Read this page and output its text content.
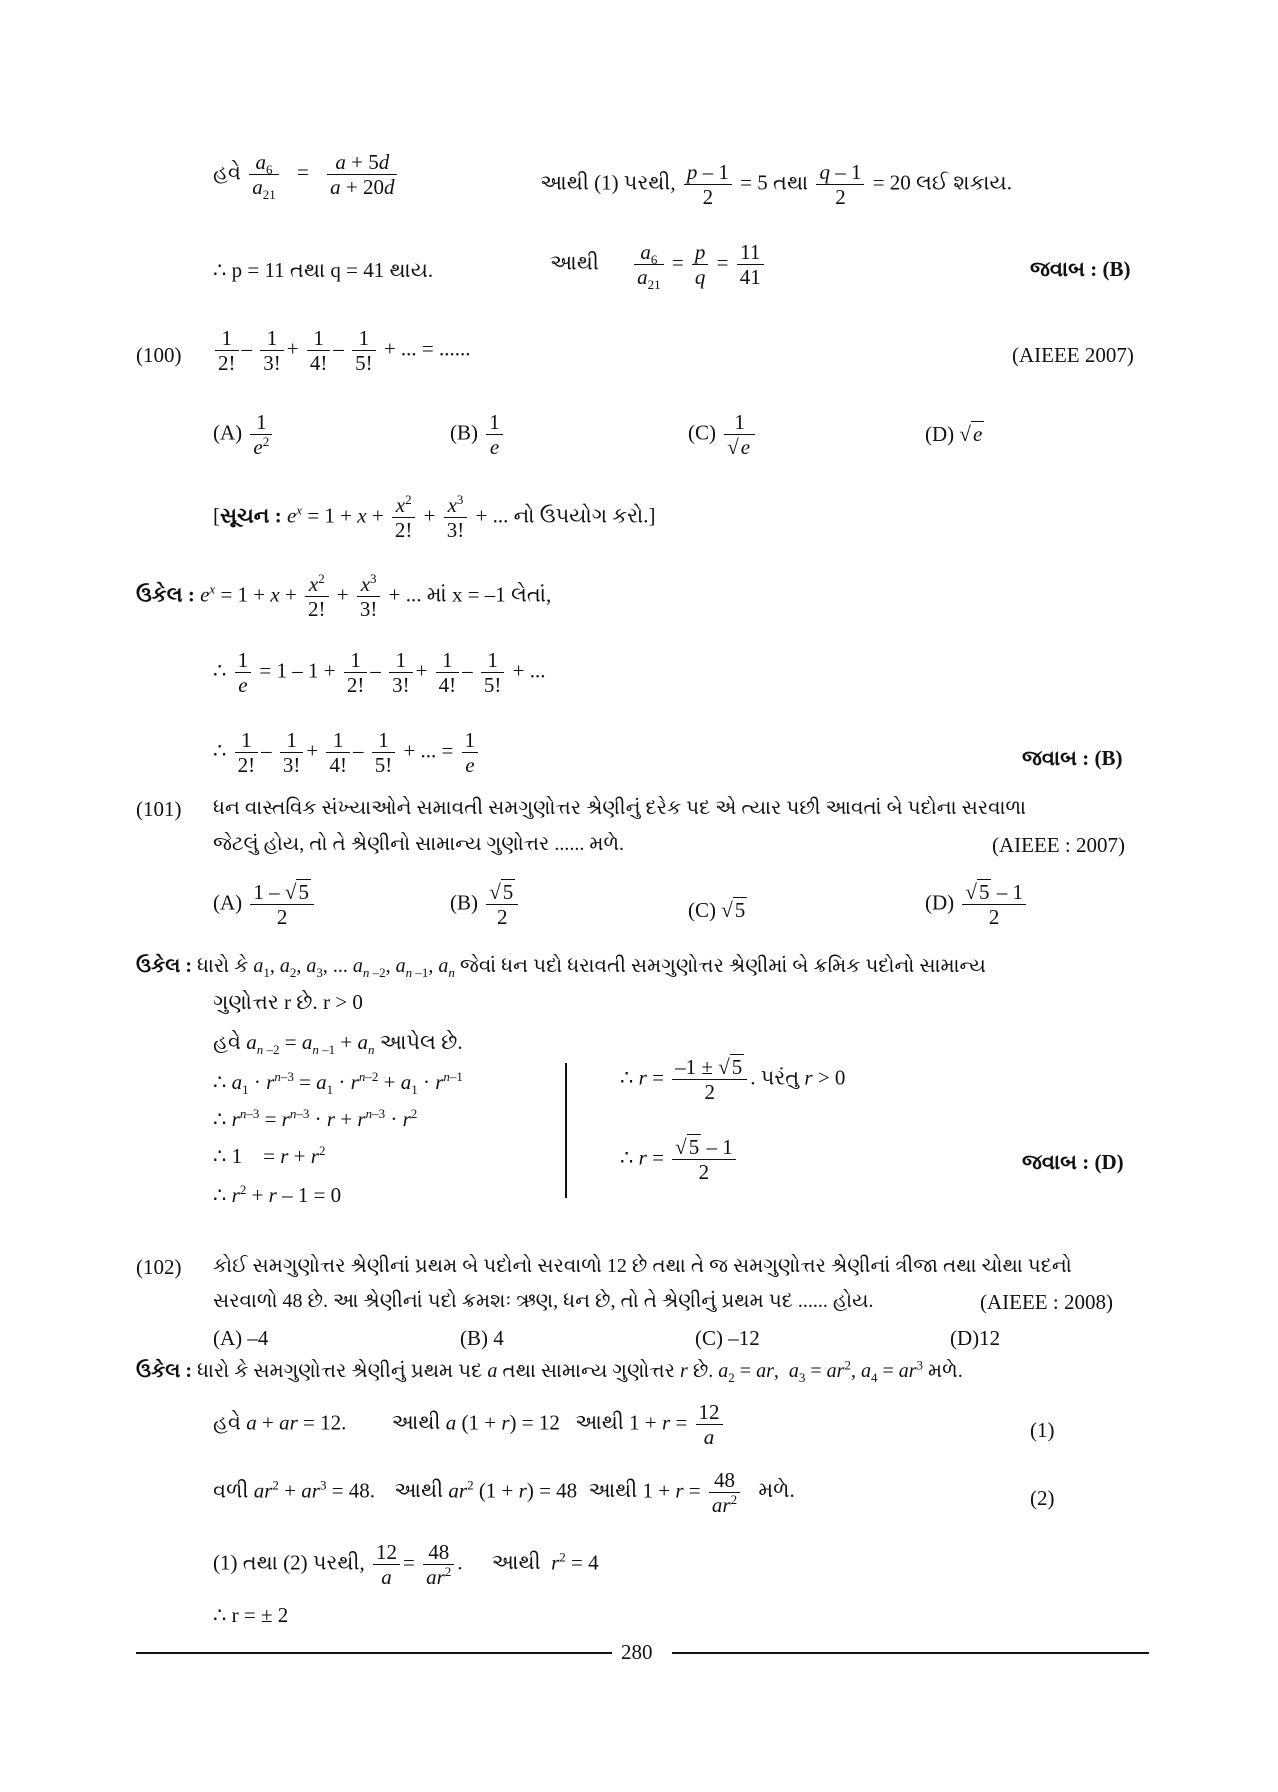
હવે $\frac{a_6}{a_{21}} = \frac{a + 5d}{a + 20d}$	આથી (1) પરથી, $\frac{p - 1}{2} = 5$ તથા $\frac{q - 1}{2} = 20$ લઈ શકાય.
∴ p = 11 તથા q = 41 થાય.	આથી $\frac{a_6}{a_{21}} = \frac{p}{q} = \frac{11}{41}$	જવાબ : (B)
$(100) \frac{1}{2!} - \frac{1}{3!} + \frac{1}{4!} - \frac{1}{5!}$ + ... = ......	(AIEEE 2007)
$(A) \frac{1}{e^2}$	$(B) \frac{1}{e}$	$(C) \frac{1}{√e}$	(D) √e
[સૂચન : $e^x = 1 + x + \frac{x^2}{2!} + \frac{x^3}{3!}$ + ... નો ઉપયોગ કરો.]
ઉકેલ : $e^x = 1 + x + \frac{x^2}{2!} + \frac{x^3}{3!}$ + ... માં x = –1 લેતાં,
∴ $\frac{1}{e} = 1 - 1 + \frac{1}{2!} - \frac{1}{3!} + \frac{1}{4!} - \frac{1}{5!}$ + ...
∴ $\frac{1}{2!} - \frac{1}{3!} + \frac{1}{4!} - \frac{1}{5!}$ + ... = $\frac{1}{e}$	જવાબ : (B)
(101) ધન વાસ્તવિક સંખ્યાઓને સમાવતી સમગુણોત્તર શ્રેણીનું દરેક પદ એ ત્યાર પછી આવતાં બે પદોના સરવાળા
જેટલું હોય, તો તે શ્રેણીનો સામાન્ય ગુણોત્તર ...... મળે.	(AIEEE : 2007)
$(A) \frac{1 - √5}{2}$	$(B) \frac{√5}{2}$	(C) √5	$(D) \frac{√5 - 1}{2}$
ઉકેલ : ધારો કે $a_1$, $a_2$, $a_3$, ... $a_{n -2}$, $a_{n -1}$, $a_n$ જેવાં ધન પદો ધરાવતી સમગુણોત્તર શ્રેણીમાં બે ક્રમિક પદોનો સામાન્ય
ગુણોત્તર r છે. r > 0
હવે $a_{n -2} = a_{n -1} + a_n$ આપેલ છે.
∴ $a_1 \cdot r^{n-3} = a_1 \cdot r^{n-2} + a_1 \cdot r^{n-1}$
∴ $r^{n-3} = r^{n-3} \cdot r + r^{n-3} \cdot r^2$
∴ 1    = $r + r^2$
∴ $r^2 + r - 1 = 0$
∴ $r = \frac{-1 \pm √5}{2}$ . પરંતુ r > 0
∴ $r = \frac{√5 - 1}{2}$	જવાબ : (D)
(102) કોઈ સમગુણોત્તર શ્રેણીનાં પ્રથમ બે પદોનો સરવાળો 12 છે તથા તે જ સમગુણોત્તર શ્રેણીનાં ત્રીજા તથા ચોથા પદનો
સરવાળો 48 છે. આ શ્રેણીનાં પદો ક્રમશઃ ઋણ, ધન છે, તો તે શ્રેણીનું પ્રથમ પદ ...... હોય.	(AIEEE : 2008)
(A) –4	(B) 4	(C) –12	(D)12
ઉકેલ : ધારો કે સમગુણોત્તર શ્રેણીનું પ્રથમ પદ a તથા સામાન્ય ગુણોત્તર r છે. $a_2$ = ar,  $a_3 = ar^2$, $a_4 = ar^3$ મળે.
હવે a + ar = 12. આથી a (1 + r) = 12 આથી $1 + r = \frac{12}{a}$	(1)
વળી $ar^2 + ar^3 = 48$. આથી $ar^2$ (1 + r) = 48 આથી $1 + r = \frac{48}{ar^2}$ મળે.	(2)
(1) તથા (2) પરથી, $\frac{12}{a} = \frac{48}{ar^2}$ . આથી $r^2 = 4$
∴ r = ± 2
280
